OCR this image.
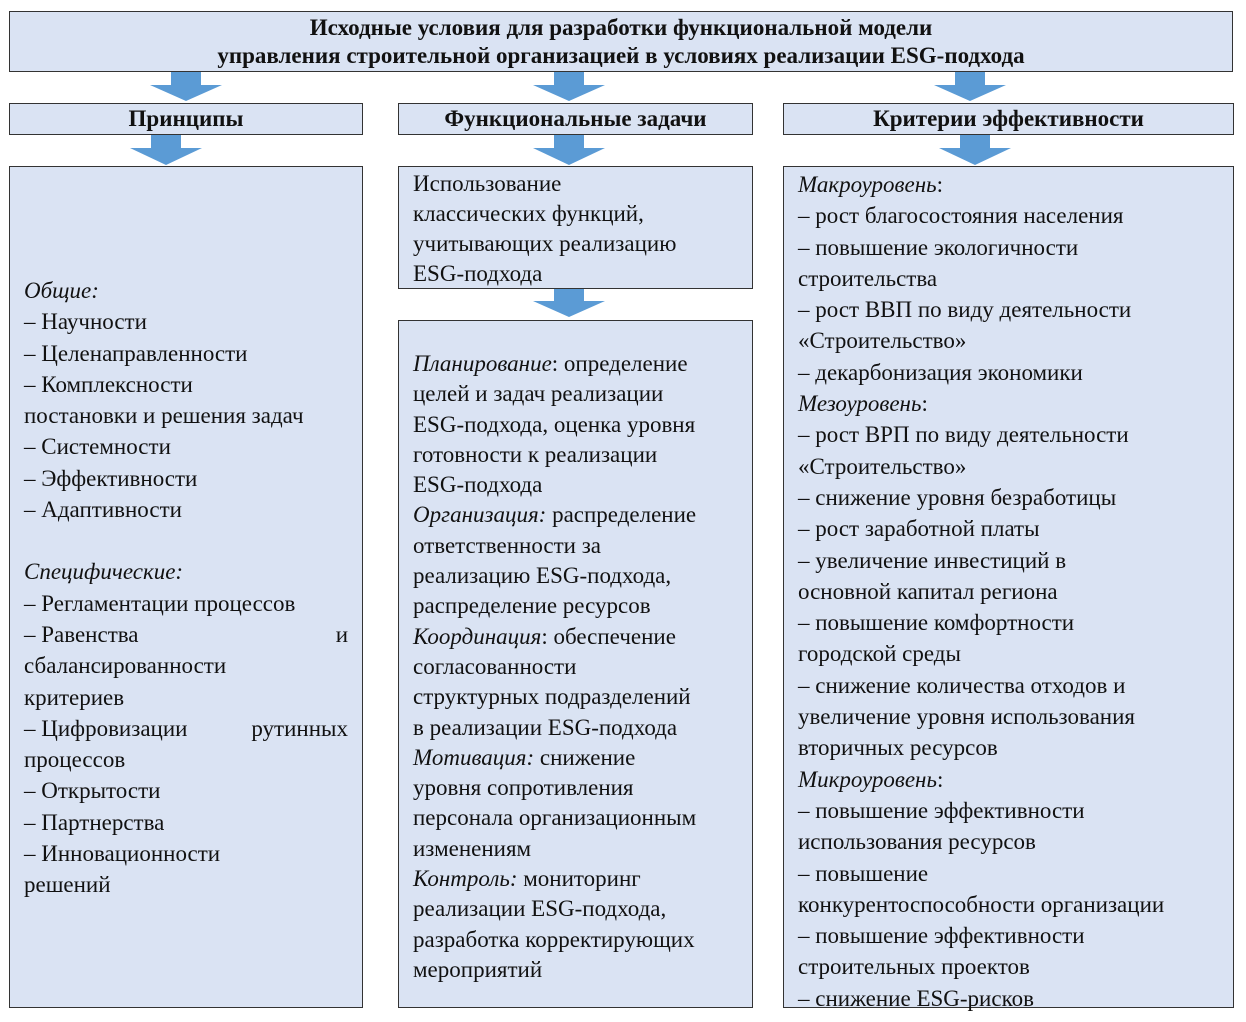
Исходные условия для разработки функциональной модели
управления строительной организацией в условиях реализации ESG-подхода
Принципы	Функциональные задачи	Критерии эффективности
Общие:
– Научности
– Целенаправленности
– Комплексности
постановки и решения задач
– Системности
– Эффективности
– Адаптивности
Специфические:
– Регламентации процессов
– Равенства	и
сбалансированности
критериев
– Цифровизации	рутинных
процессов
– Открытости
– Партнерства
– Инновационности
решений
Использование
классических функций,
учитывающих реализацию
ESG-подхода
Планирование: определение
целей и задач реализации
ESG-подхода, оценка уровня
готовности к реализации
ESG-подхода
Организация: распределение
ответственности за
реализацию ESG-подхода,
распределение ресурсов
Координация: обеспечение
согласованности
структурных подразделений
в реализации ESG-подхода
Мотивация: снижение
уровня сопротивления
персонала организационным
изменениям
Контроль: мониторинг
реализации ESG-подхода,
разработка корректирующих
мероприятий
Макроуровень:
– рост благосостояния населения
– повышение экологичности
строительства
– рост ВВП по виду деятельности
«Строительство»
– декарбонизация экономики
Мезоуровень:
– рост ВРП по виду деятельности
«Строительство»
– снижение уровня безработицы
– рост заработной платы
– увеличение инвестиций в
основной капитал региона
– повышение комфортности
городской среды
– снижение количества отходов и
увеличение уровня использования
вторичных ресурсов
Микроуровень:
– повышение эффективности
использования ресурсов
– повышение
конкурентоспособности организации
– повышение эффективности
строительных проектов
– снижение ESG-рисков
